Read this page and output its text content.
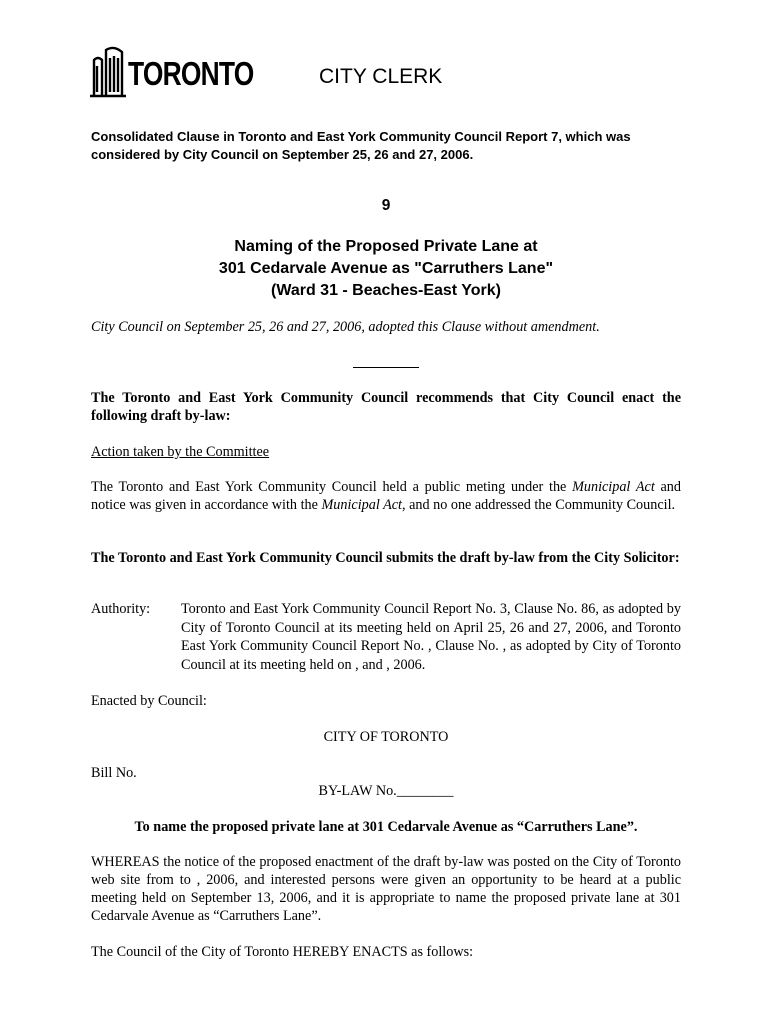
TORONTO	CITY CLERK
Consolidated Clause in Toronto and East York Community Council Report 7, which was considered by City Council on September 25, 26 and 27, 2006.
9
Naming of the Proposed Private Lane at
301 Cedarvale Avenue as "Carruthers Lane"
(Ward 31 - Beaches-East York)
City Council on September 25, 26 and 27, 2006, adopted this Clause without amendment.
The Toronto and East York Community Council recommends that City Council enact the following draft by-law:
Action taken by the Committee
The Toronto and East York Community Council held a public meting under the Municipal Act and notice was given in accordance with the Municipal Act, and no one addressed the Community Council.
The Toronto and East York Community Council submits the draft by-law from the City Solicitor:
Authority: Toronto and East York Community Council Report No. 3, Clause No. 86, as adopted by City of Toronto Council at its meeting held on April 25, 26 and 27, 2006, and Toronto East York Community Council Report No. , Clause No. , as adopted by City of Toronto Council at its meeting held on , and , 2006.
Enacted by Council:
CITY OF TORONTO
Bill No.
BY-LAW No.________
To name the proposed private lane at 301 Cedarvale Avenue as “Carruthers Lane”.
WHEREAS the notice of the proposed enactment of the draft by-law was posted on the City of Toronto web site from to , 2006, and interested persons were given an opportunity to be heard at a public meeting held on September 13, 2006, and it is appropriate to name the proposed private lane at 301 Cedarvale Avenue as “Carruthers Lane”.
The Council of the City of Toronto HEREBY ENACTS as follows:
